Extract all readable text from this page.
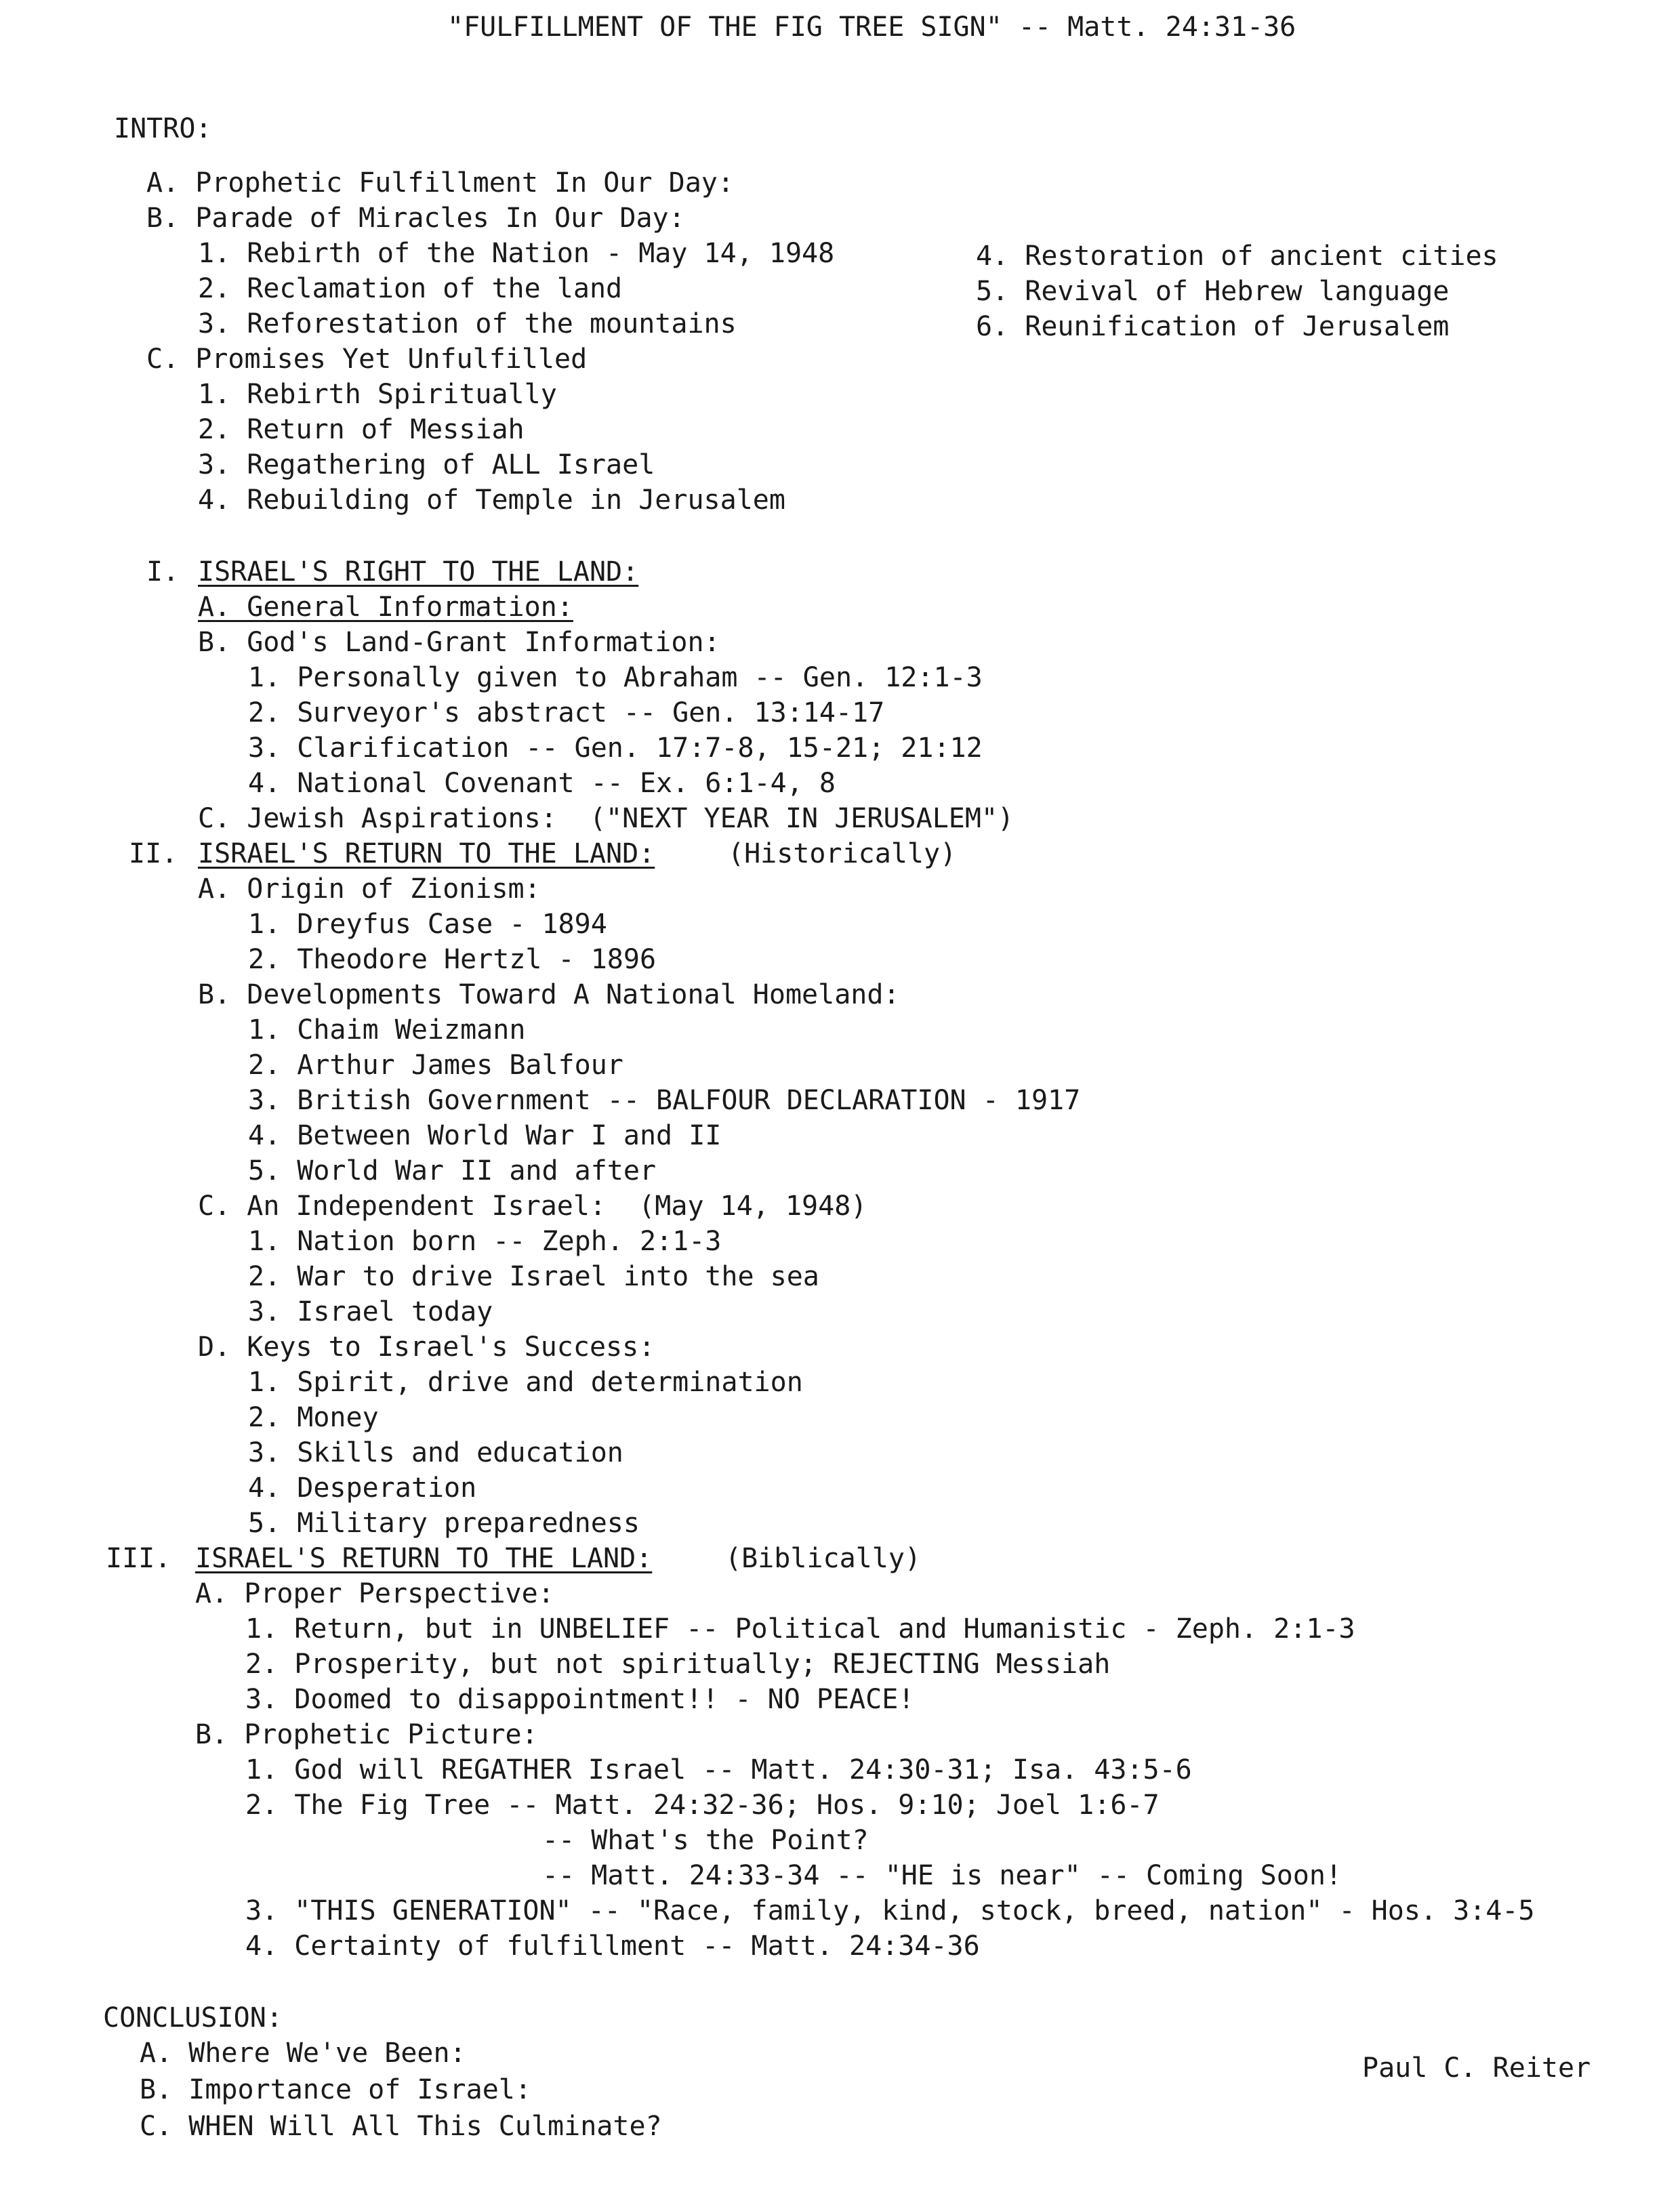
"FULFILLMENT OF THE FIG TREE SIGN" -- Matt. 24:31-36
INTRO:
A. Prophetic Fulfillment In Our Day:
B. Parade of Miracles In Our Day:
1. Rebirth of the Nation - May 14, 1948
2. Reclamation of the land
3. Reforestation of the mountains
4. Restoration of ancient cities
5. Revival of Hebrew language
6. Reunification of Jerusalem
C. Promises Yet Unfulfilled
1. Rebirth Spiritually
2. Return of Messiah
3. Regathering of ALL Israel
4. Rebuilding of Temple in Jerusalem
I. ISRAEL'S RIGHT TO THE LAND:
A. General Information:
B. God's Land-Grant Information:
1. Personally given to Abraham -- Gen. 12:1-3
2. Surveyor's abstract -- Gen. 13:14-17
3. Clarification -- Gen. 17:7-8, 15-21; 21:12
4. National Covenant -- Ex. 6:1-4, 8
C. Jewish Aspirations:  ("NEXT YEAR IN JERUSALEM")
II. ISRAEL'S RETURN TO THE LAND:	(Historically)
A. Origin of Zionism:
1. Dreyfus Case - 1894
2. Theodore Hertzl - 1896
B. Developments Toward A National Homeland:
1. Chaim Weizmann
2. Arthur James Balfour
3. British Government -- BALFOUR DECLARATION - 1917
4. Between World War I and II
5. World War II and after
C. An Independent Israel:  (May 14, 1948)
1. Nation born -- Zeph. 2:1-3
2. War to drive Israel into the sea
3. Israel today
D. Keys to Israel's Success:
1. Spirit, drive and determination
2. Money
3. Skills and education
4. Desperation
5. Military preparedness
III. ISRAEL'S RETURN TO THE LAND:	(Biblically)
A. Proper Perspective:
1. Return, but in UNBELIEF -- Political and Humanistic - Zeph. 2:1-3
2. Prosperity, but not spiritually; REJECTING Messiah
3. Doomed to disappointment!! - NO PEACE!
B. Prophetic Picture:
1. God will REGATHER Israel -- Matt. 24:30-31; Isa. 43:5-6
2. The Fig Tree -- Matt. 24:32-36; Hos. 9:10; Joel 1:6-7
-- What's the Point?
-- Matt. 24:33-34 -- "HE is near" -- Coming Soon!
3. "THIS GENERATION" -- "Race, family, kind, stock, breed, nation" - Hos. 3:4-5
4. Certainty of fulfillment -- Matt. 24:34-36
CONCLUSION:
A. Where We've Been:
B. Importance of Israel:
C. WHEN Will All This Culminate?
Paul C. Reiter
